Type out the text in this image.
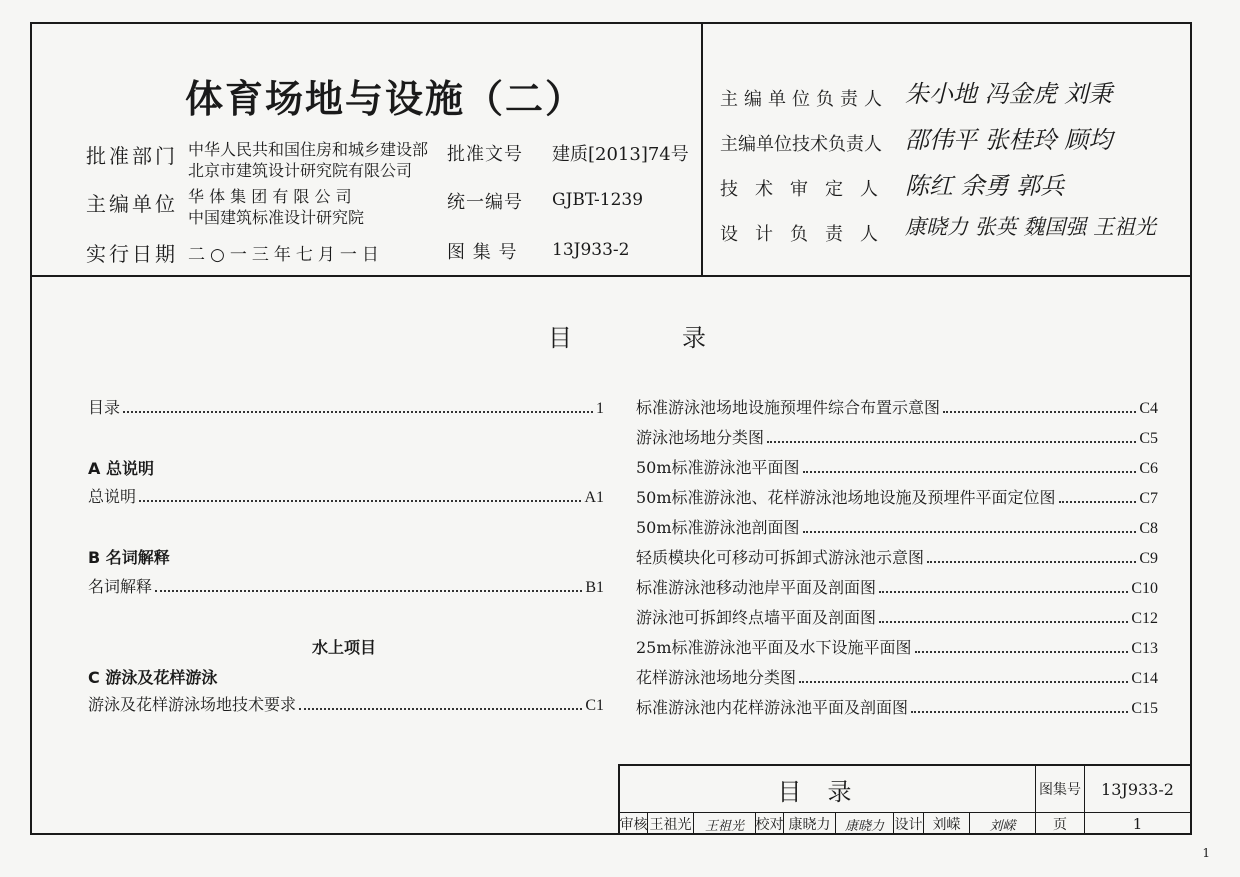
体育场地与设施（二）
批准部门 中华人民共和国住房和城乡建设部
北京市建筑设计研究院有限公司
主编单位 华 体 集 团 有 限 公 司
中国建筑标准设计研究院
实行日期 二○一三年七月一日
批准文号 建质[2013]74号
统一编号 GJBT-1239
图 集 号 13J933-2
主编单位负责人 朱小地 冯金虎 刘秉
主编单位技术负责人 邵伟平 张桂玲 顾均
技术审定人 陈红 余勇 郭兵
设计负责人 康晓力 张英 魏国强 王祖光
目录
目录	1
A 总说明
总说明	A1
B 名词解释
名词解释	B1
水上项目
C 游泳及花样游泳
游泳及花样游泳场地技术要求	C1
标准游泳池场地设施预埋件综合布置示意图	C4
游泳池场地分类图	C5
50m标准游泳池平面图	C6
50m标准游泳池、花样游泳池场地设施及预埋件平面定位图	C7
50m标准游泳池剖面图	C8
轻质模块化可移动可拆卸式游泳池示意图	C9
标准游泳池移动池岸平面及剖面图	C10
游泳池可拆卸终点墙平面及剖面图	C12
25m标准游泳池平面及水下设施平面图	C13
花样游泳池场地分类图	C14
标准游泳池内花样游泳池平面及剖面图	C15
目录	图集号	13J933-2
审核 王祖光	王祖光 校对 康晓力	康晓力 设计 刘嵘	刘嵘	页	1
1
